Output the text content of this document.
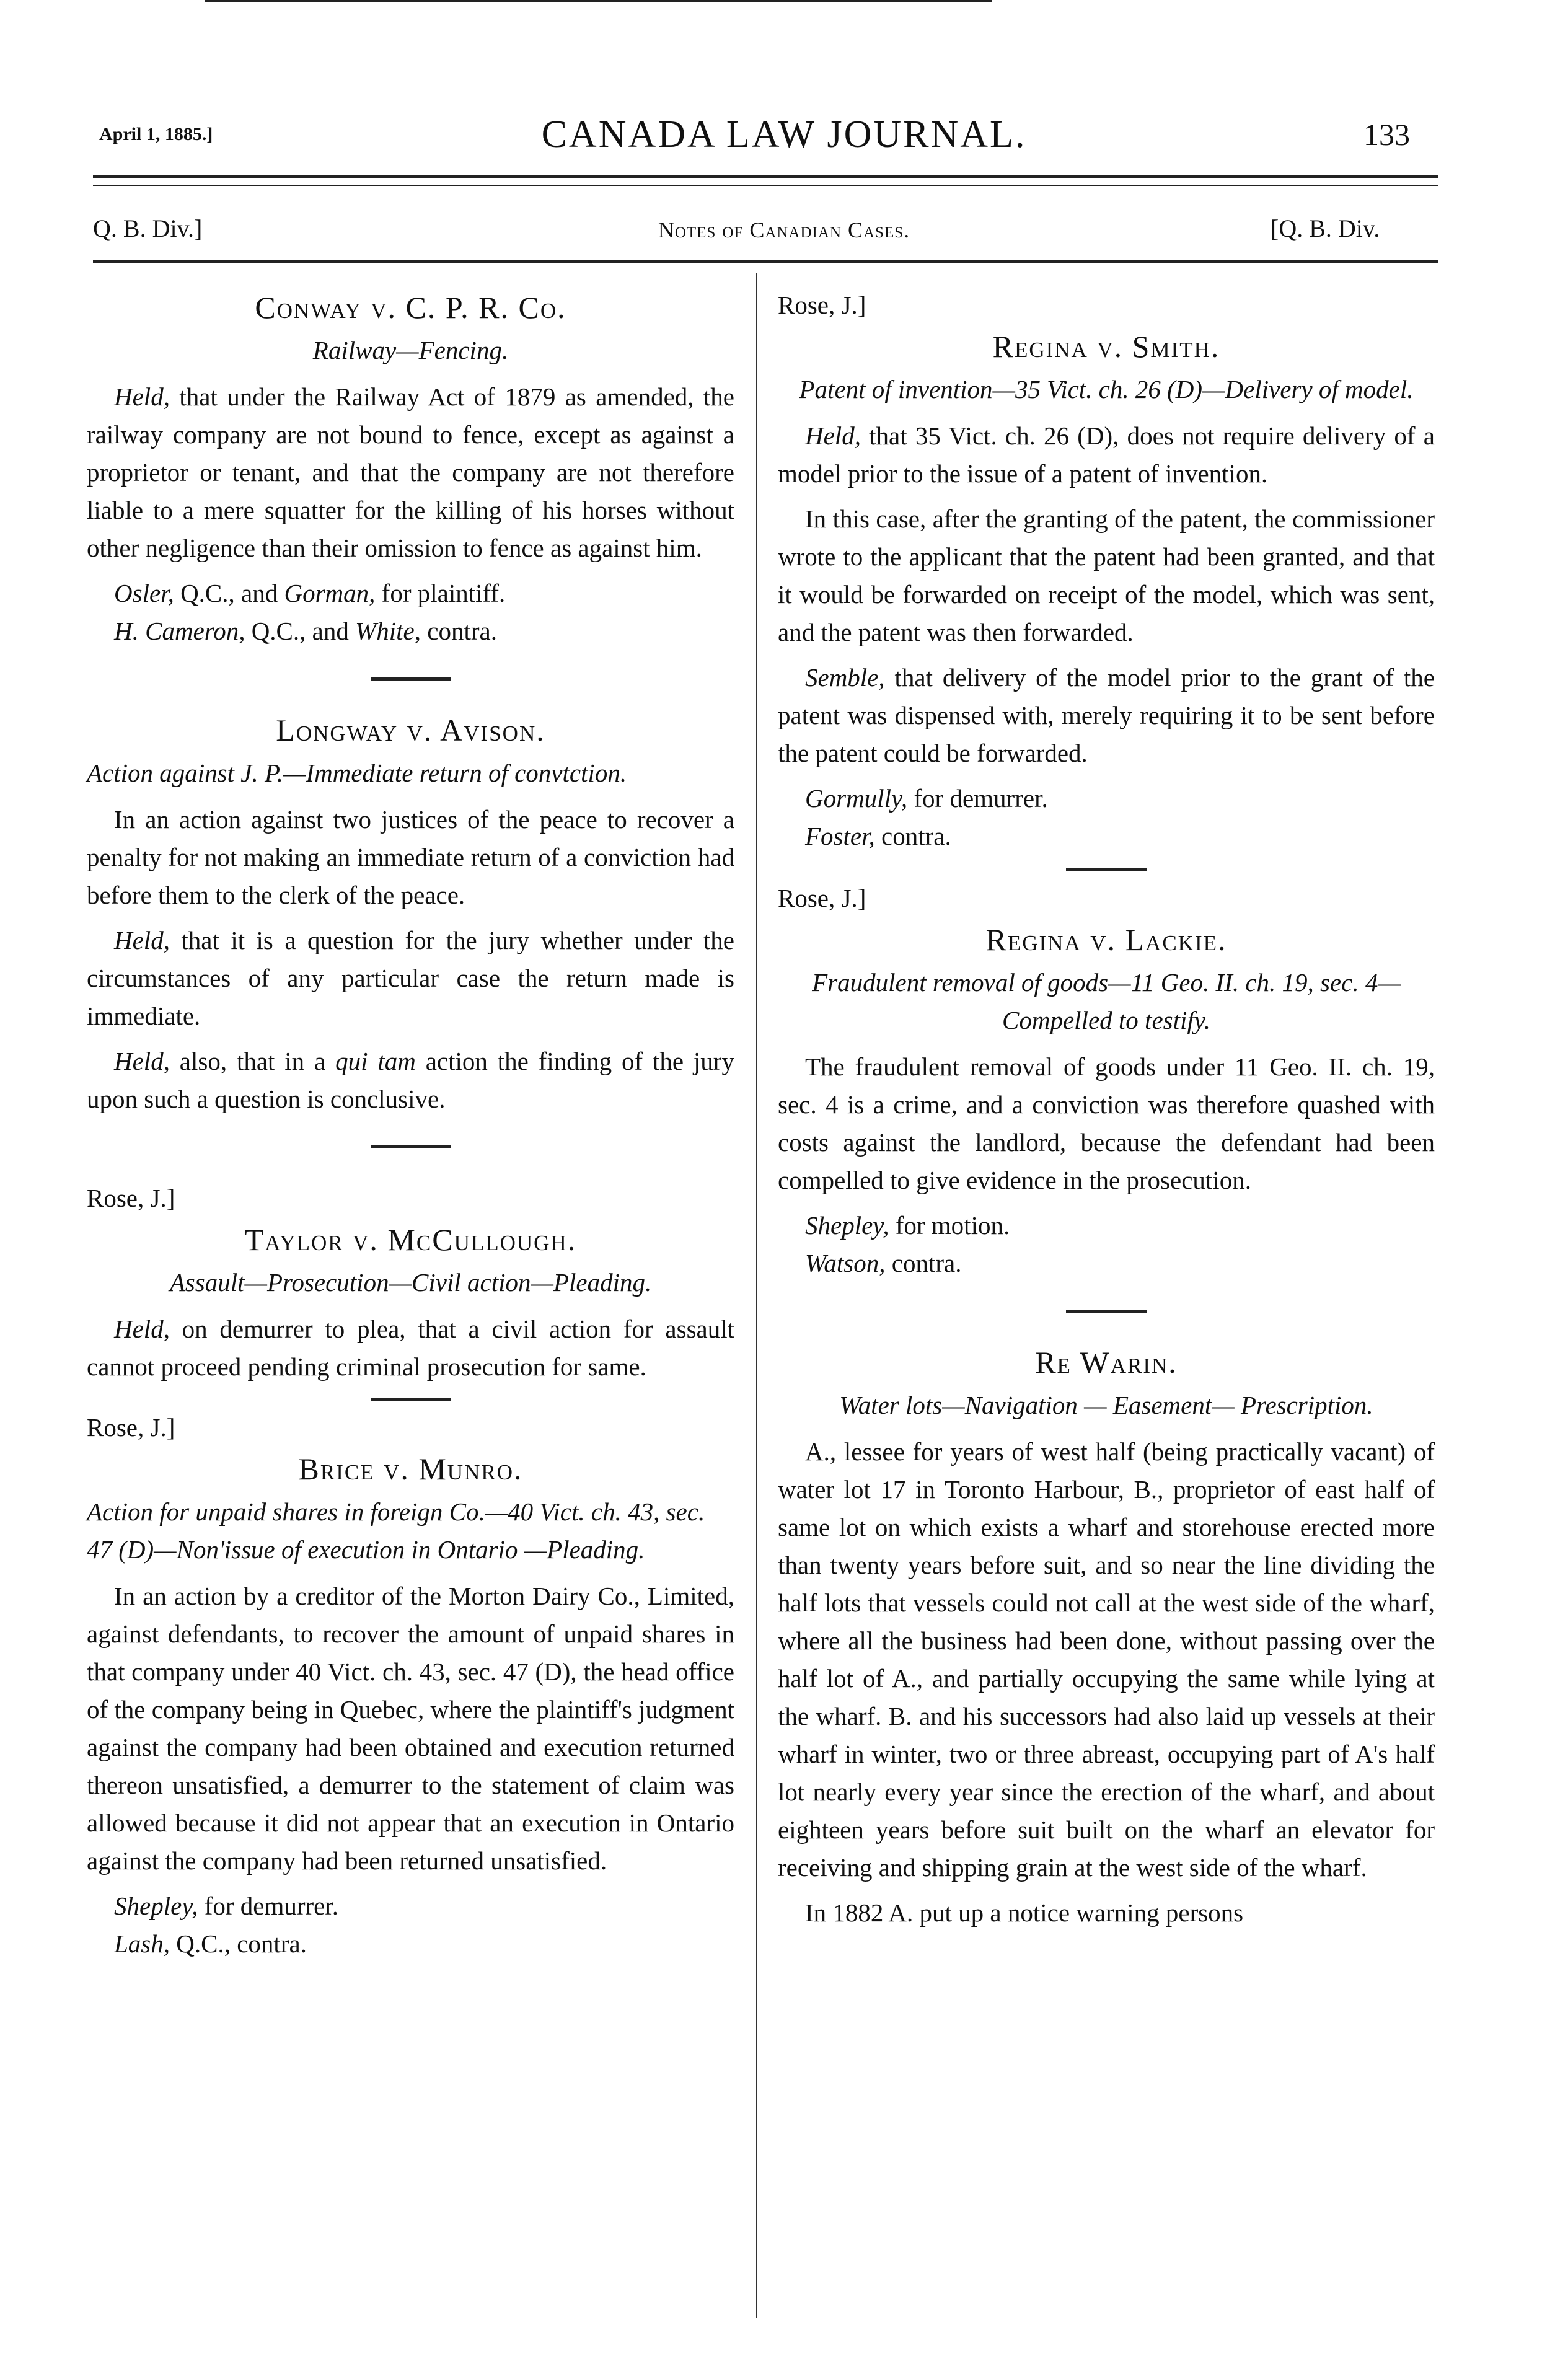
April 1, 1885.]	CANADA LAW JOURNAL.	133
Q. B. Div.]	Notes of Canadian Cases.	[Q. B. Div.
Conway v. C. P. R. Co.
Railway—Fencing.

Held, that under the Railway Act of 1879 as amended, the railway company are not bound to fence, except as against a proprietor or tenant, and that the company are not therefore liable to a mere squatter for the killing of his horses without other negligence than their omission to fence as against him.

Osler, Q.C., and Gorman, for plaintiff.

H. Cameron, Q.C., and White, contra.

Longway v. Avison.
Action against J. P.—Immediate return of convtction.

In an action against two justices of the peace to recover a penalty for not making an immediate return of a conviction had before them to the clerk of the peace.

Held, that it is a question for the jury whether under the circumstances of any particular case the return made is immediate.

Held, also, that in a qui tam action the finding of the jury upon such a question is conclusive.

Rose, J.]
Taylor v. McCullough.
Assault—Prosecution—Civil action—Pleading.

Held, on demurrer to plea, that a civil action for assault cannot proceed pending criminal prosecution for same.

Rose, J.]
Brice v. Munro.
Action for unpaid shares in foreign Co.—40 Vict. ch. 43, sec. 47 (D)—Non'issue of execution in Ontario —Pleading.

In an action by a creditor of the Morton Dairy Co., Limited, against defendants, to recover the amount of unpaid shares in that company under 40 Vict. ch. 43, sec. 47 (D), the head office of the company being in Quebec, where the plaintiff's judgment against the company had been obtained and execution returned thereon unsatisfied, a demurrer to the statement of claim was allowed because it did not appear that an execution in Ontario against the company had been returned unsatisfied.

Shepley, for demurrer.

Lash, Q.C., contra.

Rose, J.]
Regina v. Smith.
Patent of invention—35 Vict. ch. 26 (D)—Delivery of model.

Held, that 35 Vict. ch. 26 (D), does not require delivery of a model prior to the issue of a patent of invention.

In this case, after the granting of the patent, the commissioner wrote to the applicant that the patent had been granted, and that it would be forwarded on receipt of the model, which was sent, and the patent was then forwarded.

Semble, that delivery of the model prior to the grant of the patent was dispensed with, merely requiring it to be sent before the patent could be forwarded.

Gormully, for demurrer.

Foster, contra.

Rose, J.]
Regina v. Lackie.
Fraudulent removal of goods—11 Geo. II. ch. 19, sec. 4—Compelled to testify.

The fraudulent removal of goods under 11 Geo. II. ch. 19, sec. 4 is a crime, and a conviction was therefore quashed with costs against the landlord, because the defendant had been compelled to give evidence in the prosecution.

Shepley, for motion.

Watson, contra.

Re Warin.
Water lots—Navigation — Easement— Prescription.

A., lessee for years of west half (being practically vacant) of water lot 17 in Toronto Harbour, B., proprietor of east half of same lot on which exists a wharf and storehouse erected more than twenty years before suit, and so near the line dividing the half lots that vessels could not call at the west side of the wharf, where all the business had been done, without passing over the half lot of A., and partially occupying the same while lying at the wharf. B. and his successors had also laid up vessels at their wharf in winter, two or three abreast, occupying part of A's half lot nearly every year since the erection of the wharf, and about eighteen years before suit built on the wharf an elevator for receiving and shipping grain at the west side of the wharf.

In 1882 A. put up a notice warning persons
